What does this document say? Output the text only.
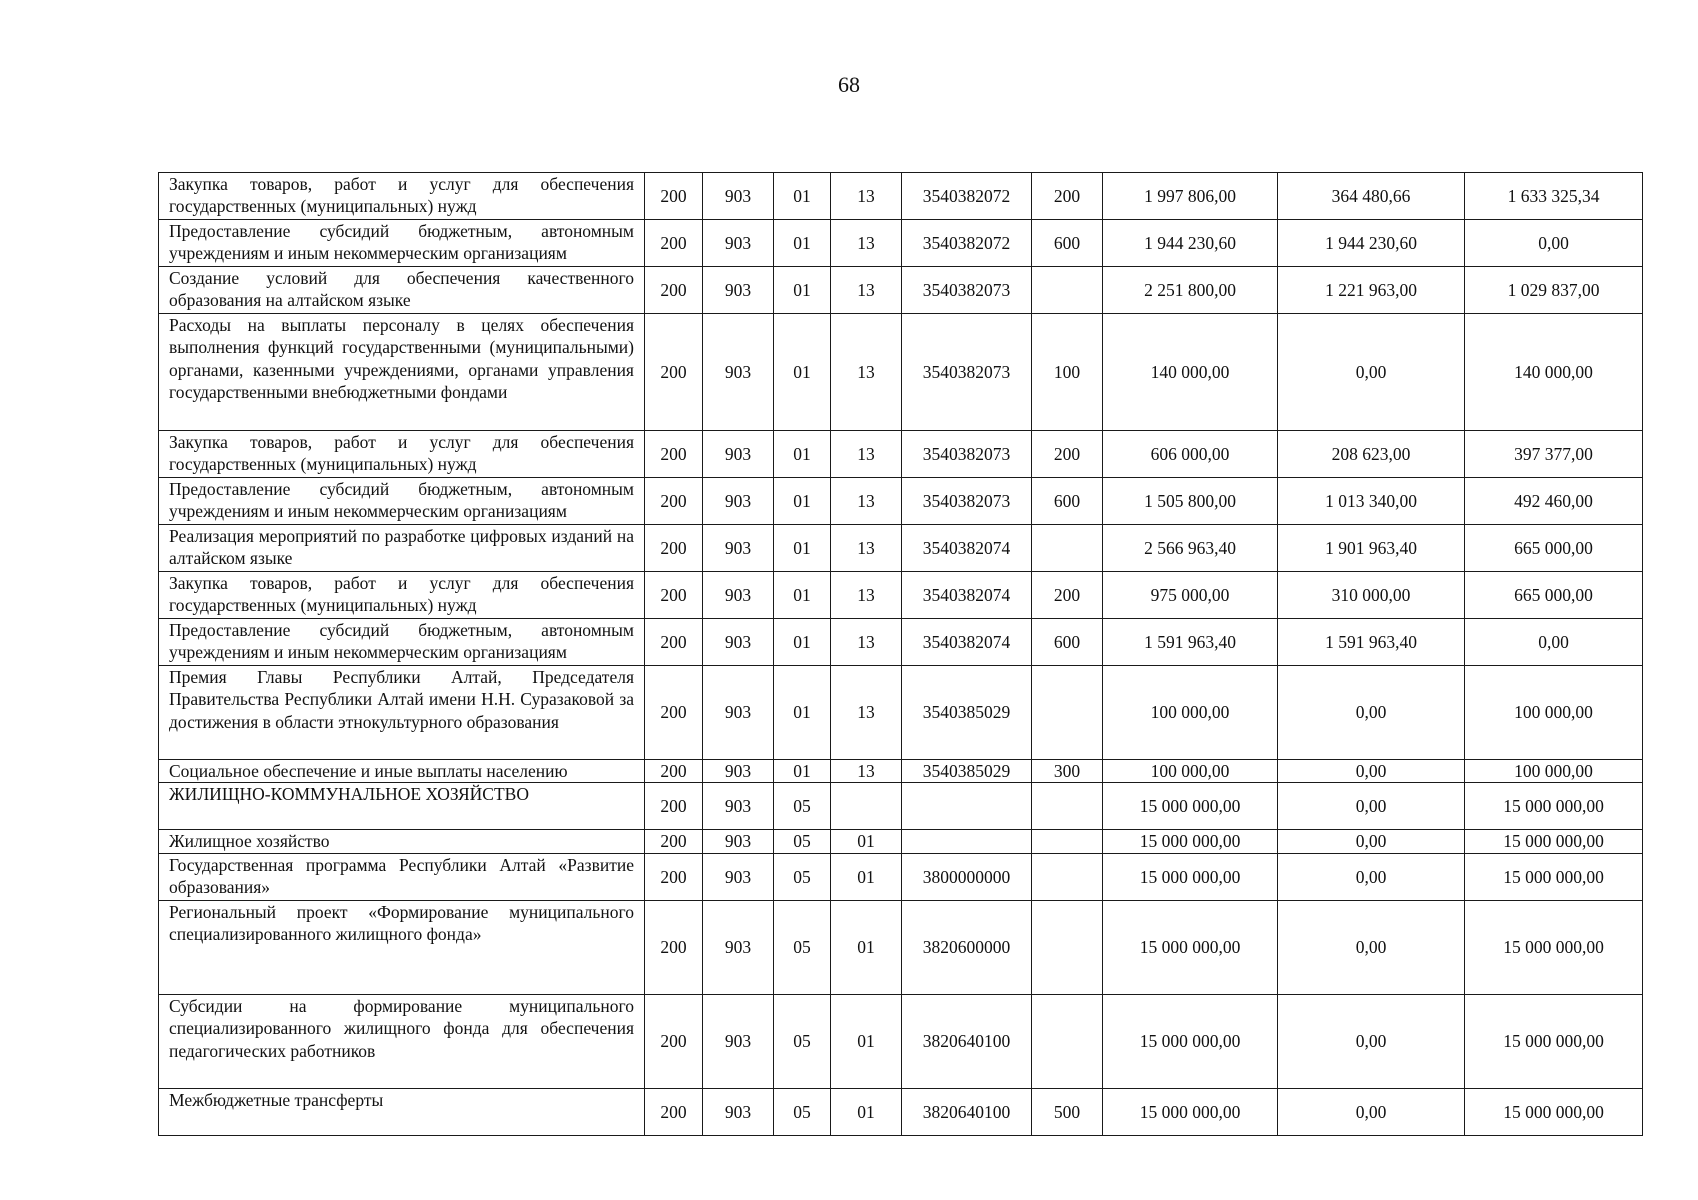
68
Закупка товаров, работ и услуг для обеспечения государственных (муниципальных) нужд	200	903	01	13	3540382072	200	1 997 806,00	364 480,66	1 633 325,34
Предоставление субсидий бюджетным, автономным учреждениям и иным некоммерческим организациям	200	903	01	13	3540382072	600	1 944 230,60	1 944 230,60	0,00
Создание условий для обеспечения качественного образования на алтайском языке	200	903	01	13	3540382073		2 251 800,00	1 221 963,00	1 029 837,00
Расходы на выплаты персоналу в целях обеспечения выполнения функций государственными (муниципальными) органами, казенными учреждениями, органами управления государственными внебюджетными фондами	200	903	01	13	3540382073	100	140 000,00	0,00	140 000,00
Закупка товаров, работ и услуг для обеспечения государственных (муниципальных) нужд	200	903	01	13	3540382073	200	606 000,00	208 623,00	397 377,00
Предоставление субсидий бюджетным, автономным учреждениям и иным некоммерческим организациям	200	903	01	13	3540382073	600	1 505 800,00	1 013 340,00	492 460,00
Реализация мероприятий по разработке цифровых изданий на алтайском языке	200	903	01	13	3540382074		2 566 963,40	1 901 963,40	665 000,00
Закупка товаров, работ и услуг для обеспечения государственных (муниципальных) нужд	200	903	01	13	3540382074	200	975 000,00	310 000,00	665 000,00
Предоставление субсидий бюджетным, автономным учреждениям и иным некоммерческим организациям	200	903	01	13	3540382074	600	1 591 963,40	1 591 963,40	0,00
Премия Главы Республики Алтай, Председателя Правительства Республики Алтай имени Н.Н. Суразаковой за достижения в области этнокультурного образования	200	903	01	13	3540385029		100 000,00	0,00	100 000,00
Социальное обеспечение и иные выплаты населению	200	903	01	13	3540385029	300	100 000,00	0,00	100 000,00
ЖИЛИЩНО-КОММУНАЛЬНОЕ ХОЗЯЙСТВО	200	903	05				15 000 000,00	0,00	15 000 000,00
Жилищное хозяйство	200	903	05	01			15 000 000,00	0,00	15 000 000,00
Государственная программа Республики Алтай «Развитие образования»	200	903	05	01	3800000000		15 000 000,00	0,00	15 000 000,00
Региональный проект «Формирование муниципального специализированного жилищного фонда»	200	903	05	01	3820600000		15 000 000,00	0,00	15 000 000,00
Субсидии на формирование муниципального специализированного жилищного фонда для обеспечения педагогических работников	200	903	05	01	3820640100		15 000 000,00	0,00	15 000 000,00
Межбюджетные трансферты	200	903	05	01	3820640100	500	15 000 000,00	0,00	15 000 000,00
